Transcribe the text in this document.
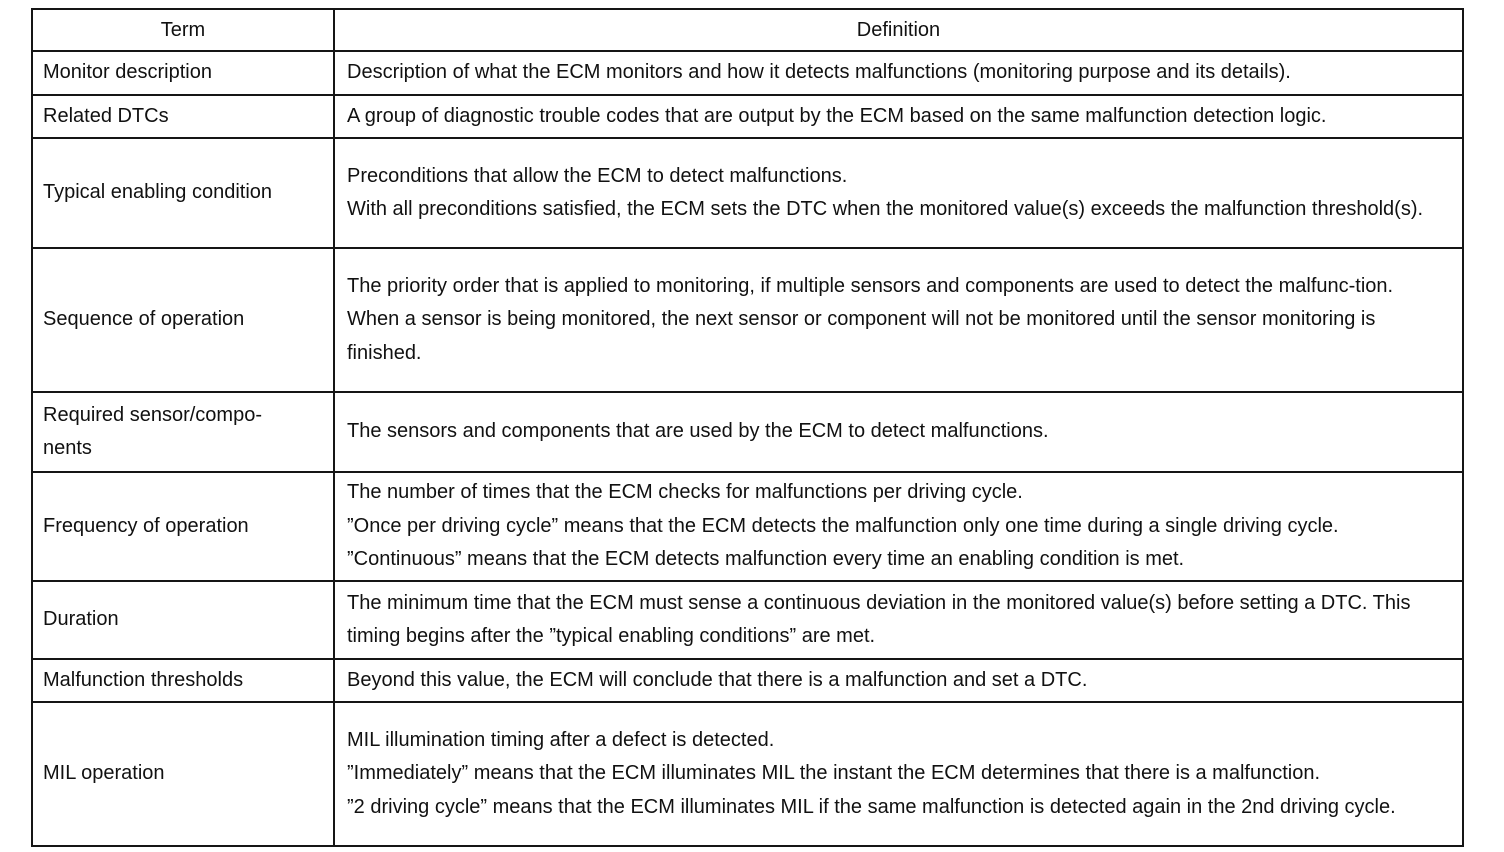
Term	Definition
Monitor description	Description of what the ECM monitors and how it detects malfunctions (monitoring purpose and its details).

Related DTCs	A group of diagnostic trouble codes that are output by the ECM based on the same malfunction detection logic.

Typical enabling condition	Preconditions that allow the ECM to detect malfunctions.
With all preconditions satisfied, the ECM sets the DTC when the monitored value(s) exceeds the malfunction threshold(s).

Sequence of operation	The priority order that is applied to monitoring, if multiple sensors and components are used to detect the malfunc-tion.
When a sensor is being monitored, the next sensor or component will not be monitored until the sensor monitoring is finished.

Required sensor/compo-nents	The sensors and components that are used by the ECM to detect malfunctions.

Frequency of operation	The number of times that the ECM checks for malfunctions per driving cycle.
”Once per driving cycle” means that the ECM detects the malfunction only one time during a single driving cycle.
”Continuous” means that the ECM detects malfunction every time an enabling condition is met.

Duration	The minimum time that the ECM must sense a continuous deviation in the monitored value(s) before setting a DTC. This timing begins after the ”typical enabling conditions” are met.

Malfunction thresholds	Beyond this value, the ECM will conclude that there is a malfunction and set a DTC.

MIL operation	MIL illumination timing after a defect is detected.
”Immediately” means that the ECM illuminates MIL the instant the ECM determines that there is a malfunction.
”2 driving cycle” means that the ECM illuminates MIL if the same malfunction is detected again in the 2nd driving cycle.
